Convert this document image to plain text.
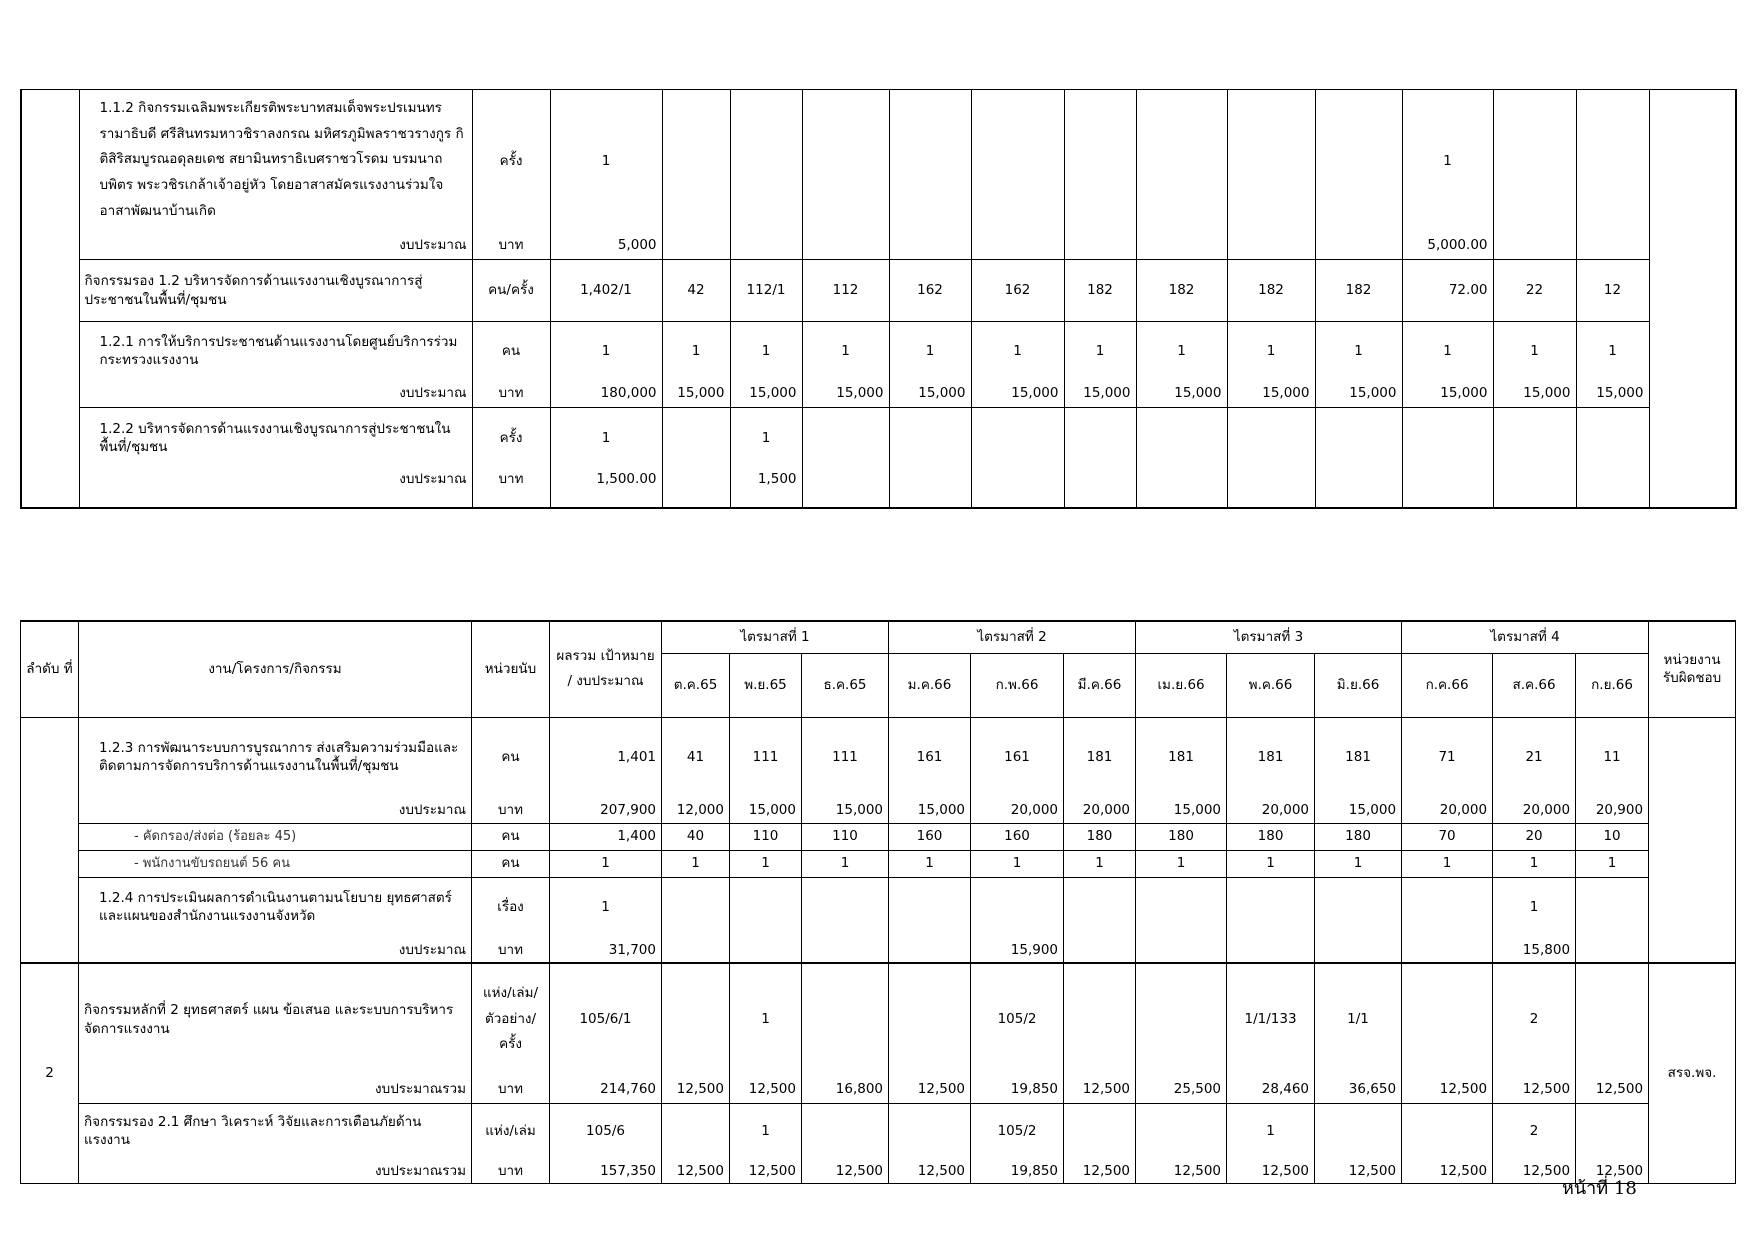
	1.1.2 กิจกรรมเฉลิมพระเกียรติพระบาทสมเด็จพระปรเมนทรรามาธิบดี ศรีสินทรมหาวชิราลงกรณ มหิศรภูมิพลราชวรางกูร กิติสิริสมบูรณอดุลยเดช สยามินทราธิเบศราชวโรดม บรมนาถบพิตร พระวชิรเกล้าเจ้าอยู่หัว โดยอาสาสมัครแรงงานร่วมใจอาสาพัฒนาบ้านเกิด	ครั้ง	1										1			
	งบประมาณ	บาท	5,000										5,000.00			
	กิจกรรมรอง 1.2 บริหารจัดการด้านแรงงานเชิงบูรณาการสู่ประชาชนในพื้นที่/ชุมชน	คน/ครั้ง	1,402/1	42	112/1	112	162	162	182	182	182	182	72.00	22	12	
	1.2.1 การให้บริการประชาชนด้านแรงงานโดยศูนย์บริการร่วมกระทรวงแรงงาน	คน	1	1	1	1	1	1	1	1	1	1	1	1	1	
	งบประมาณ	บาท	180,000	15,000	15,000	15,000	15,000	15,000	15,000	15,000	15,000	15,000	15,000	15,000	15,000	
	1.2.2 บริหารจัดการด้านแรงงานเชิงบูรณาการสู่ประชาชนในพื้นที่/ชุมชน	ครั้ง	1		1											
	งบประมาณ	บาท	1,500.00		1,500											

ลำดับ ที่	งาน/โครงการ/กิจกรรม	หน่วยนับ	ผลรวม เป้าหมาย / งบประมาณ	ไตรมาสที่ 1			ไตรมาสที่ 2			ไตรมาสที่ 3			ไตรมาสที่ 4			หน่วยงาน รับผิดชอบ
				ต.ค.65	พ.ย.65	ธ.ค.65	ม.ค.66	ก.พ.66	มี.ค.66	เม.ย.66	พ.ค.66	มิ.ย.66	ก.ค.66	ส.ค.66	ก.ย.66	
	1.2.3 การพัฒนาระบบการบูรณาการ ส่งเสริมความร่วมมือและติดตามการจัดการบริการด้านแรงงานในพื้นที่/ชุมชน	คน	1,401	41	111	111	161	161	181	181	181	181	71	21	11	
	งบประมาณ	บาท	207,900	12,000	15,000	15,000	15,000	20,000	20,000	15,000	20,000	15,000	20,000	20,000	20,900	
	- คัดกรอง/ส่งต่อ (ร้อยละ 45)	คน	1,400	40	110	110	160	160	180	180	180	180	70	20	10	
	- พนักงานขับรถยนต์ 56 คน	คน	1	1	1	1	1	1	1	1	1	1	1	1	1	
	1.2.4 การประเมินผลการดำเนินงานตามนโยบาย ยุทธศาสตร์ และแผนของสำนักงานแรงงานจังหวัด	เรื่อง	1											1		
	งบประมาณ	บาท	31,700					15,900						15,800		

2	กิจกรรมหลักที่ 2 ยุทธศาสตร์ แผน ข้อเสนอ และระบบการบริหารจัดการแรงงาน	แห่ง/เล่ม/ตัวอย่าง/ครั้ง	105/6/1		1			105/2			1/1/133	1/1		2		สรจ.พจ.
	งบประมาณรวม	บาท	214,760	12,500	12,500	16,800	12,500	19,850	12,500	25,500	28,460	36,650	12,500	12,500	12,500	
	กิจกรรมรอง 2.1 ศึกษา วิเคราะห์ วิจัยและการเตือนภัยด้านแรงงาน	แห่ง/เล่ม	105/6		1			105/2			1			2		
	งบประมาณรวม	บาท	157,350	12,500	12,500	12,500	12,500	19,850	12,500	12,500	12,500	12,500	12,500	12,500	12,500	
หน้าที่ 18
